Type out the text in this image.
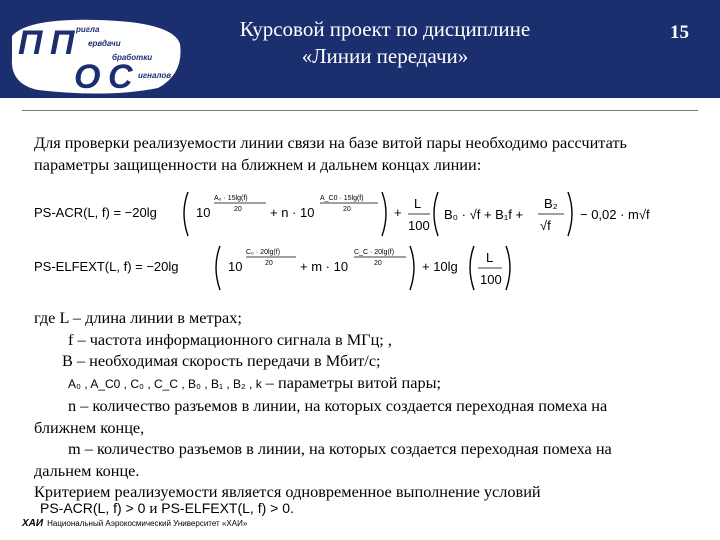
П П
О С
ригла
ервдачи
бработки
игналов
Курсовой проект по дисциплине
«Линии передачи»
15
Для проверки реализуемости линии связи на базе витой пары необходимо рассчитать параметры защищенности на ближнем и дальнем концах линии:
PS-ACR(L, f) = −20lg	10
A₀ · 15lg(f)
20 + n · 10
A_C0 · 15lg(f)
20	+
L
100
B₀ · √f + B₁f +
B₂
√f
− 0,02 · m√f
PS-ELFEXT(L, f) = −20lg	10
C₀ · 20lg(f)
20 + m · 10
C_C · 20lg(f)
20	+ 10lg
L
100

где L – длина линии в метрах;

f – частота информационного сигнала в МГц; ,

B – необходимая скорость передачи в Мбит/с;

A₀ , A_C0 , C₀ , C_C , B₀ , B₁ , B₂ , k – параметры витой пары;

n – количество разъемов в линии, на которых создается переходная помеха на

ближнем конце,

m – количество разъемов в линии, на которых создается переходная помеха на

дальнем конце.

Критерием реализуемости является одновременное выполнение условий

PS-ACR(L, f) > 0 и PS-ELFEXT(L, f) > 0.
ХАИ Национальный Аэрокосмический Университет «ХАИ»
